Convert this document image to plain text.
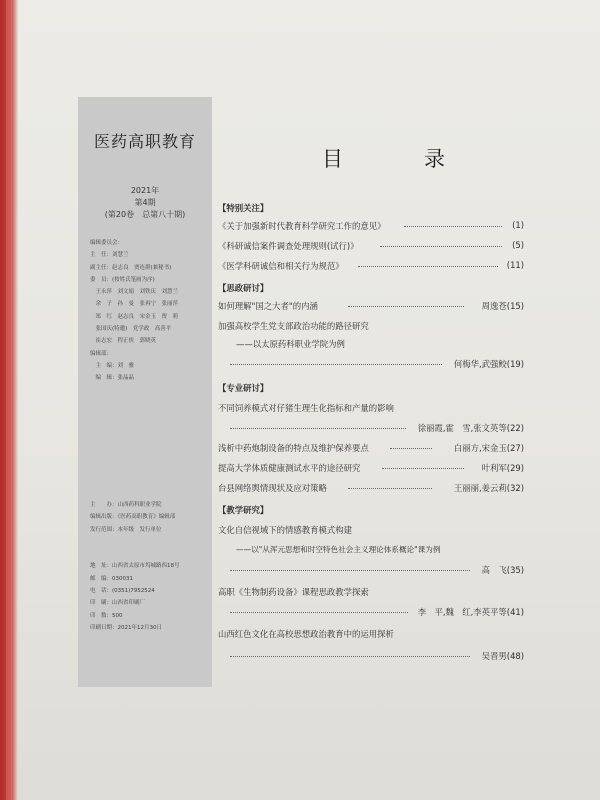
医药高职教育
2021年
第4期
(第20卷　总第八十期)
编辑委员会：
主　任：刘慧兰
副主任：赵志良　贾连群(兼秘书)
委　员：(按姓氏笔画为序)
　王永萍　刘文娟　刘铁庆　刘慧兰
　余　子　孙　曼　张再宁　张丽萍
　郑　红　赵志良　宋金玉　贾　莉
　张国庆(特邀)　党学政　高善平
　崔志宏　程正侠　郭晓英
编辑部：
　主　编：刘　雅
　编　辑：张晶晶
主　　办：山西药科职业学院
编辑出版：《医药高职教育》编辑部
发行范围：本年级　发行单位
地　址：山西省太原市坞城路西18号
邮　编：030031
电　话：(0351)7952524
印　刷：山西省印刷厂
印　数：500
印刷日期：2021年12月30日
目　录
【特别关注】
《关于加强新时代教育科学研究工作的意见》	(1)
《科研诚信案件调查处理规则(试行)》	(5)
《医学科研诚信和相关行为规范》	(11)
【思政研讨】
如何理解"国之大者"的内涵	周逸苍(15)
加强高校学生党支部政治功能的路径研究
——以太原药科职业学院为例
何梅华,武强鲛(19)
【专业研讨】
不同饲养模式对仔猪生理生化指标和产量的影响
徐丽霞,霍　雪,张文英等(22)
浅析中药炮制设备的特点及维护保养要点	白丽方,宋金玉(27)
提高大学体质健康测试水平的途径研究	叶利军(29)
台县网络舆情现状及应对策略	王丽丽,姜云莉(32)
【教学研究】
文化自信视域下的情感教育模式构建
——以"从浑元思想和时空特色社会主义理论体系概论"课为例
高　飞(35)
高职《生物制药设备》课程思政教学探索
李　平,魏　红,李英平等(41)
山西红色文化在高校思想政治教育中的运用探析
吴晋男(48)
